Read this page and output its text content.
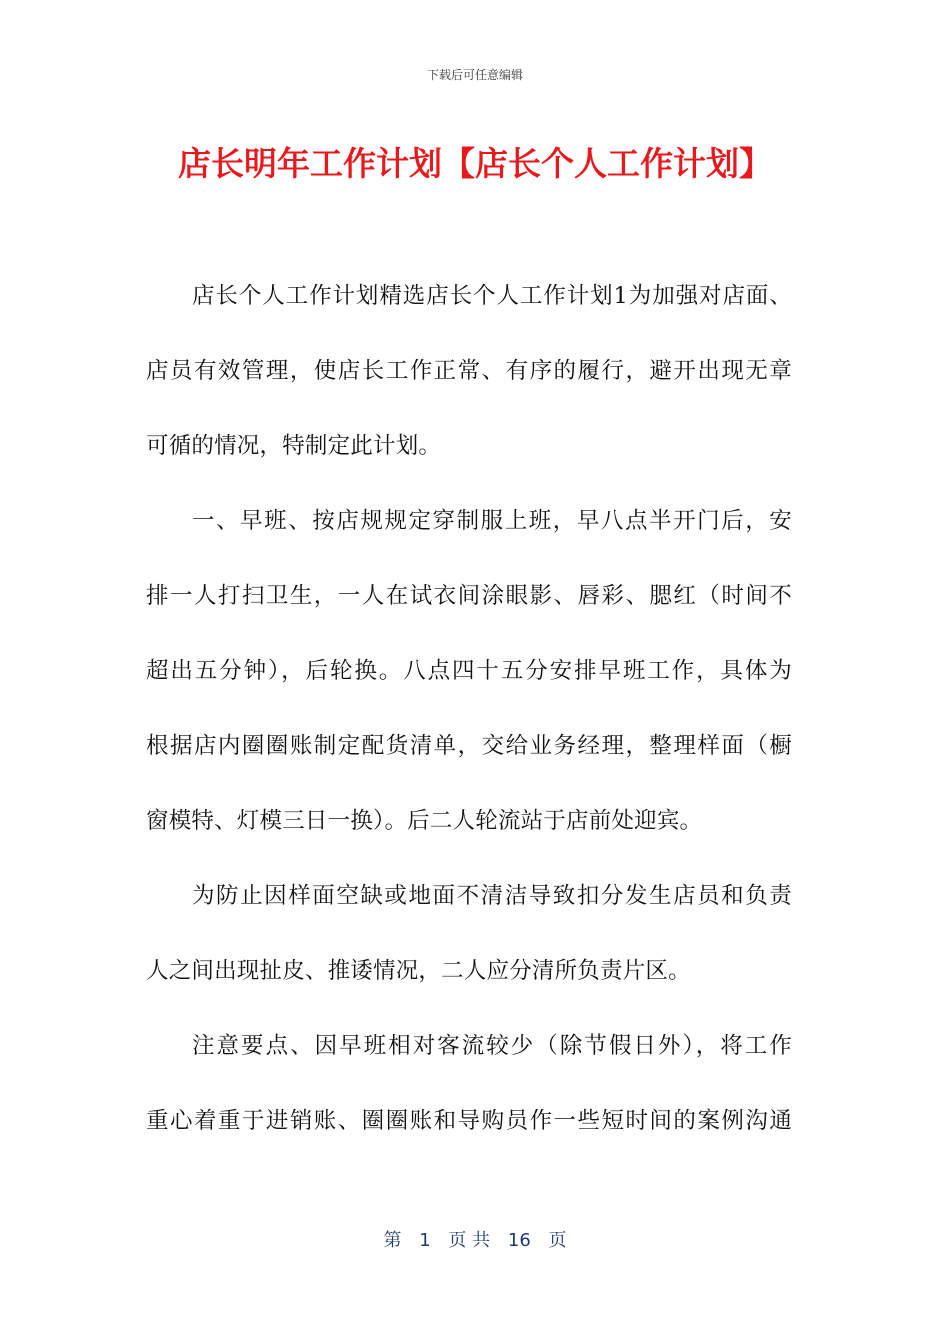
下载后可任意编辑
店长明年工作计划【店长个人工作计划】
店长个人工作计划精选店长个人工作计划1为加强对店面、
店员有效管理，使店长工作正常、有序的履行，避开出现无章
可循的情况，特制定此计划。
一、早班、按店规规定穿制服上班，早八点半开门后，安
排一人打扫卫生，一人在试衣间涂眼影、唇彩、腮红（时间不
超出五分钟），后轮换。八点四十五分安排早班工作，具体为
根据店内圈圈账制定配货清单，交给业务经理，整理样面（橱
窗模特、灯模三日一换）。后二人轮流站于店前处迎宾。
为防止因样面空缺或地面不清洁导致扣分发生店员和负责
人之间出现扯皮、推诿情况，二人应分清所负责片区。
注意要点、因早班相对客流较少（除节假日外），将工作
重心着重于进销账、圈圈账和导购员作一些短时间的案例沟通
第 1 页 共 16 页
